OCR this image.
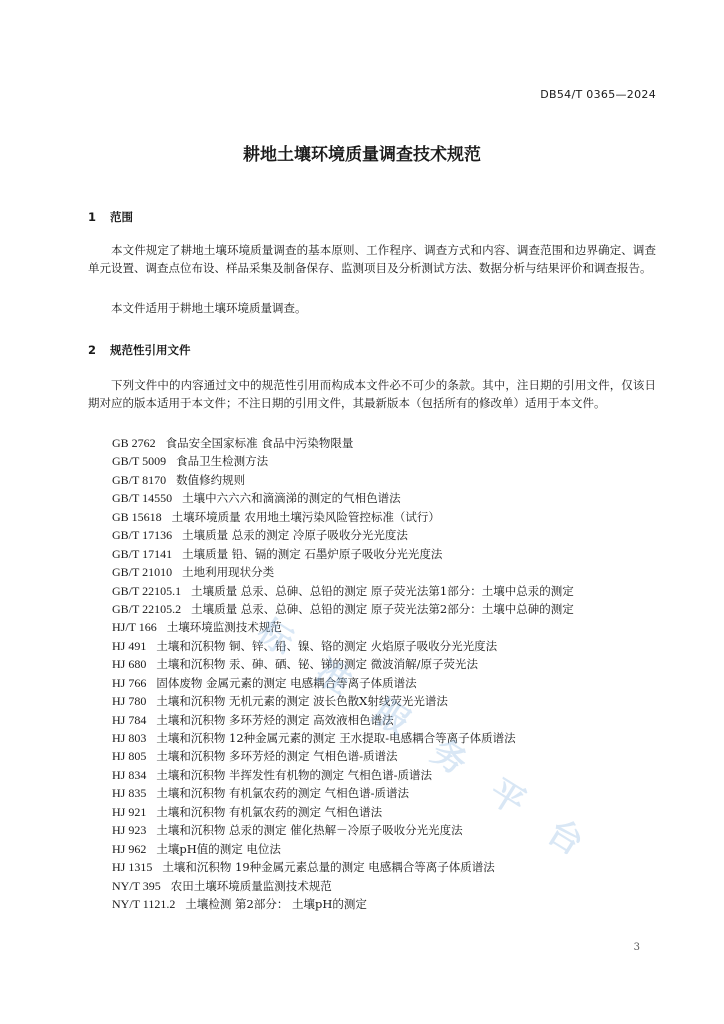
DB54/T 0365—2024
耕地土壤环境质量调查技术规范
1 范围

本文件规定了耕地土壤环境质量调查的基本原则、工作程序、调查方式和内容、调查范围和边界确定、调查单元设置、调查点位布设、样品采集及制备保存、监测项目及分析测试方法、数据分析与结果评价和调查报告。

本文件适用于耕地土壤环境质量调查。

2 规范性引用文件

下列文件中的内容通过文中的规范性引用而构成本文件必不可少的条款。其中，注日期的引用文件，仅该日期对应的版本适用于本文件；不注日期的引用文件，其最新版本（包括所有的修改单）适用于本文件。

GB 2762 食品安全国家标准 食品中污染物限量
GB/T 5009 食品卫生检测方法
GB/T 8170 数值修约规则
GB/T 14550 土壤中六六六和滴滴涕的测定的气相色谱法
GB 15618 土壤环境质量 农用地土壤污染风险管控标准（试行）
GB/T 17136 土壤质量 总汞的测定 冷原子吸收分光光度法
GB/T 17141 土壤质量 铅、镉的测定 石墨炉原子吸收分光光度法
GB/T 21010 土地利用现状分类
GB/T 22105.1 土壤质量 总汞、总砷、总铅的测定 原子荧光法第1部分：土壤中总汞的测定
GB/T 22105.2 土壤质量 总汞、总砷、总铅的测定 原子荧光法第2部分：土壤中总砷的测定
HJ/T 166 土壤环境监测技术规范
HJ 491 土壤和沉积物 铜、锌、铅、镍、铬的测定 火焰原子吸收分光光度法
HJ 680 土壤和沉积物 汞、砷、硒、铋、锑的测定 微波消解/原子荧光法
HJ 766 固体废物 金属元素的测定 电感耦合等离子体质谱法
HJ 780 土壤和沉积物 无机元素的测定 波长色散X射线荧光光谱法
HJ 784 土壤和沉积物 多环芳烃的测定 高效液相色谱法
HJ 803 土壤和沉积物 12种金属元素的测定 王水提取-电感耦合等离子体质谱法
HJ 805 土壤和沉积物 多环芳烃的测定 气相色谱-质谱法
HJ 834 土壤和沉积物 半挥发性有机物的测定 气相色谱-质谱法
HJ 835 土壤和沉积物 有机氯农药的测定 气相色谱-质谱法
HJ 921 土壤和沉积物 有机氯农药的测定 气相色谱法
HJ 923 土壤和沉积物 总汞的测定 催化热解－冷原子吸收分光光度法
HJ 962 土壤pH值的测定 电位法
HJ 1315 土壤和沉积物 19种金属元素总量的测定 电感耦合等离子体质谱法
NY/T 395 农田土壤环境质量监测技术规范
NY/T 1121.2 土壤检测 第2部分： 土壤pH的测定
标
准
服
务
平
台
3
